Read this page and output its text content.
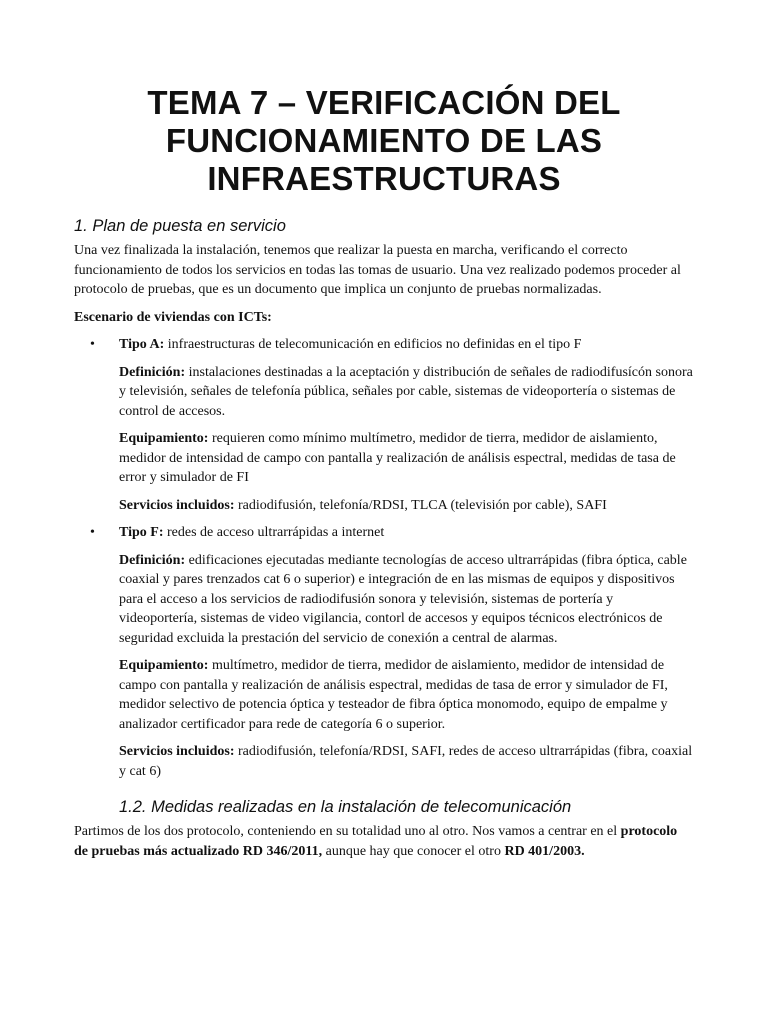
TEMA 7 – VERIFICACIÓN DEL
FUNCIONAMIENTO DE LAS
INFRAESTRUCTURAS
1. Plan de puesta en servicio

Una vez finalizada la instalación, tenemos que realizar la puesta en marcha, verificando el correcto funcionamiento de todos los servicios en todas las tomas de usuario. Una vez realizado podemos proceder al protocolo de pruebas, que es un documento que implica un conjunto de pruebas normalizadas.

Escenario de viviendas con ICTs:

• Tipo A: infraestructuras de telecomunicación en edificios no definidas en el tipo F

Definición: instalaciones destinadas a la aceptación y distribución de señales de radiodifusícón sonora y televisión, señales de telefonía pública, señales por cable, sistemas de videoportería o sistemas de control de accesos.

Equipamiento: requieren como mínimo multímetro, medidor de tierra, medidor de aislamiento, medidor de intensidad de campo con pantalla y realización de análisis espectral, medidas de tasa de error y simulador de FI

Servicios incluidos: radiodifusión, telefonía/RDSI, TLCA (televisión por cable), SAFI

• Tipo F: redes de acceso ultrarrápidas a internet

Definición: edificaciones ejecutadas mediante tecnologías de acceso ultrarrápidas (fibra óptica, cable coaxial y pares trenzados cat 6 o superior) e integración de en las mismas de equipos y dispositivos para el acceso a los servicios de radiodifusión sonora y televisión, sistemas de portería y videoportería, sistemas de video vigilancia, contorl de accesos y equipos técnicos electrónicos de seguridad excluida la prestación del servicio de conexión a central de alarmas.

Equipamiento: multímetro, medidor de tierra, medidor de aislamiento, medidor de intensidad de campo con pantalla y realización de análisis espectral, medidas de tasa de error y simulador de FI, medidor selectivo de potencia óptica y testeador de fibra óptica monomodo, equipo de empalme y analizador certificador para rede de categoría 6 o superior.

Servicios incluidos: radiodifusión, telefonía/RDSI, SAFI, redes de acceso ultrarrápidas (fibra, coaxial y cat 6)

1.2. Medidas realizadas en la instalación de telecomunicación

Partimos de los dos protocolo, conteniendo en su totalidad uno al otro. Nos vamos a centrar en el protocolo de pruebas más actualizado RD 346/2011, aunque hay que conocer el otro RD 401/2003.
